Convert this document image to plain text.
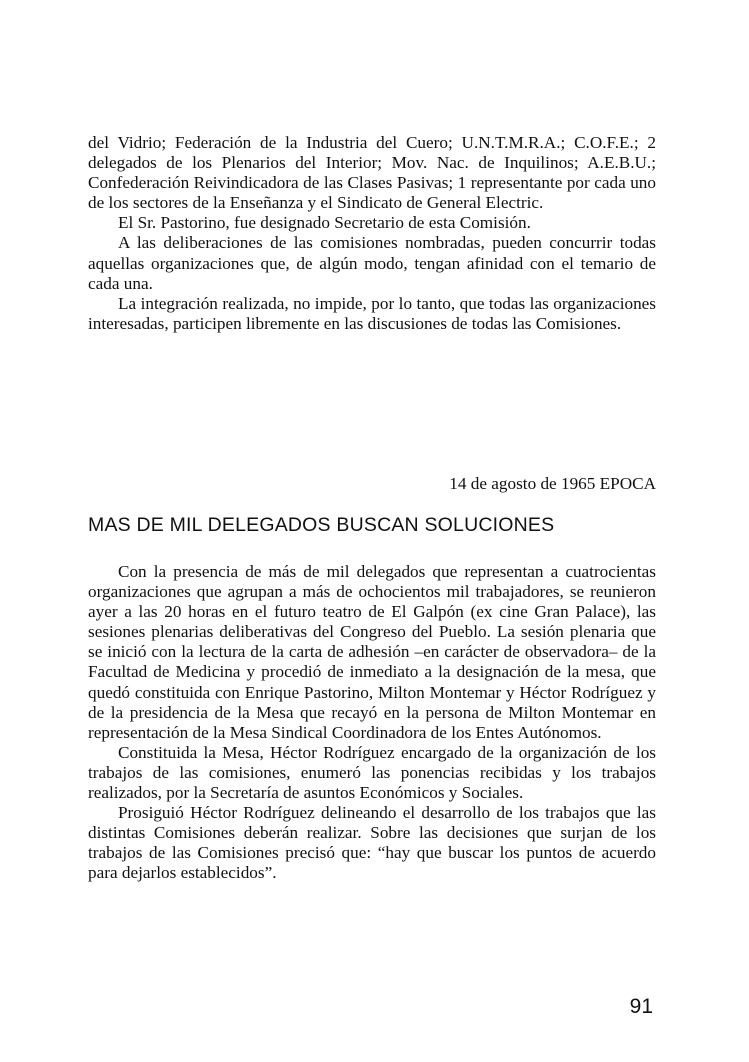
del Vidrio; Federación de la Industria del Cuero; U.N.T.M.R.A.; C.O.F.E.; 2 delegados de los Plenarios del Interior; Mov. Nac. de Inquilinos; A.E.B.U.; Confederación Reivindicadora de las Clases Pasivas; 1 representante por cada uno de los sectores de la Enseñanza y el Sindicato de General Electric.

El Sr. Pastorino, fue designado Secretario de esta Comisión.

A las deliberaciones de las comisiones nombradas, pueden concurrir todas aquellas organizaciones que, de algún modo, tengan afinidad con el temario de cada una.

La integración realizada, no impide, por lo tanto, que todas las organizaciones interesadas, participen libremente en las discusiones de todas las Comisiones.

14 de agosto de 1965 EPOCA
MAS DE MIL DELEGADOS BUSCAN SOLUCIONES

Con la presencia de más de mil delegados que representan a cuatrocientas organizaciones que agrupan a más de ochocientos mil trabajadores, se reunieron ayer a las 20 horas en el futuro teatro de El Galpón (ex cine Gran Palace), las sesiones plenarias deliberativas del Congreso del Pueblo. La sesión plenaria que se inició con la lectura de la carta de adhesión –en carácter de observadora– de la Facultad de Medicina y procedió de inmediato a la designación de la mesa, que quedó constituida con Enrique Pastorino, Milton Montemar y Héctor Rodríguez y de la presidencia de la Mesa que recayó en la persona de Milton Montemar en representación de la Mesa Sindical Coordinadora de los Entes Autónomos.

Constituida la Mesa, Héctor Rodríguez encargado de la organización de los trabajos de las comisiones, enumeró las ponencias recibidas y los trabajos realizados, por la Secretaría de asuntos Económicos y Sociales.

Prosiguió Héctor Rodríguez delineando el desarrollo de los trabajos que las distintas Comisiones deberán realizar. Sobre las decisiones que surjan de los trabajos de las Comisiones precisó que: “hay que buscar los puntos de acuerdo para dejarlos establecidos”.

91
